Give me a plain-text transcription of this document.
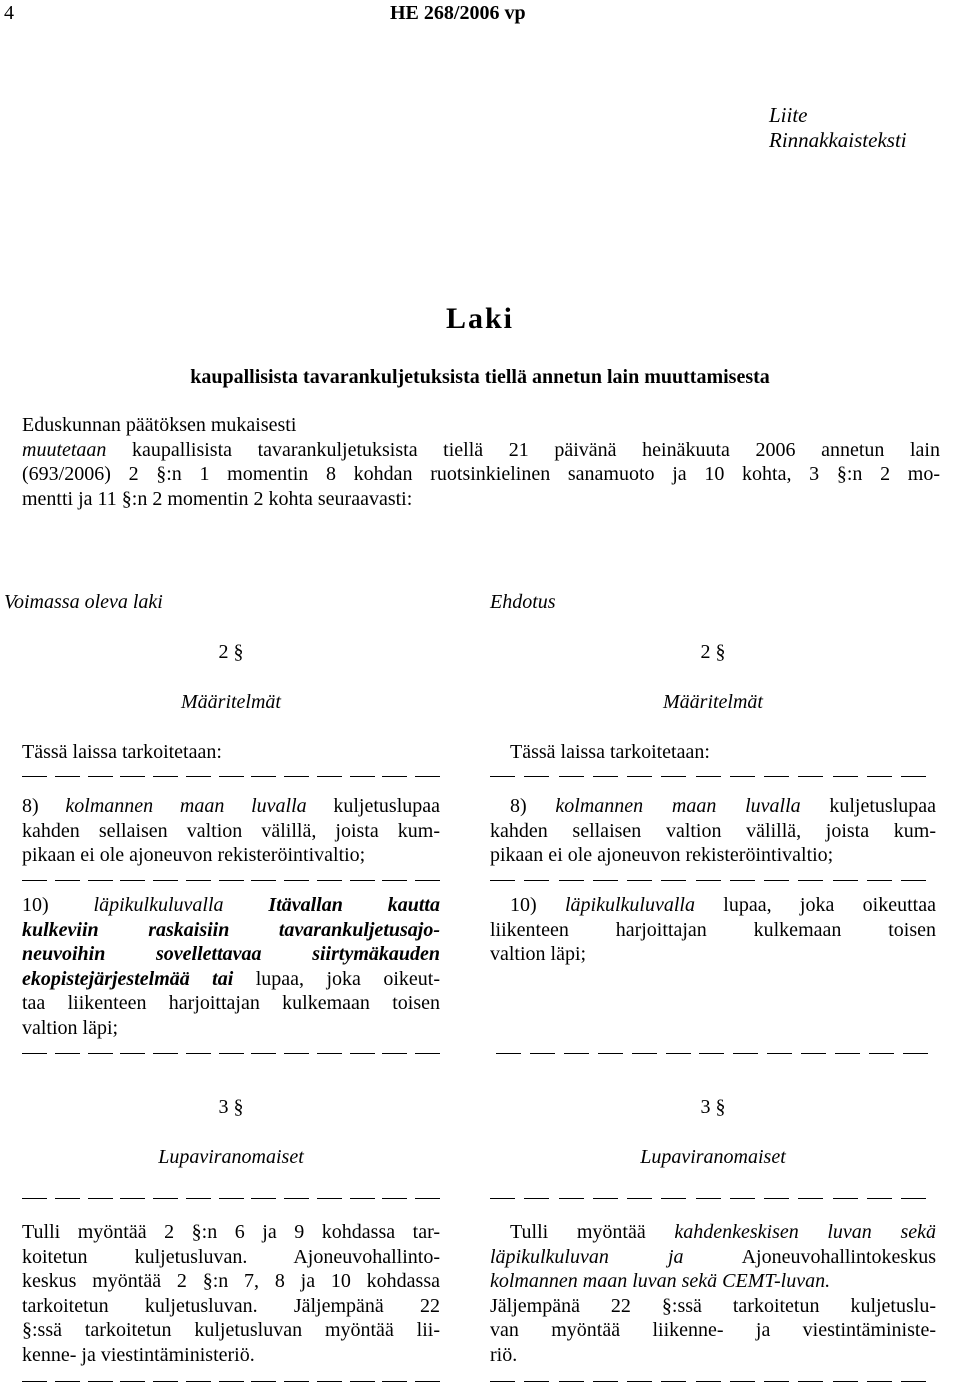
4	HE 268/2006 vp
Liite
Rinnakkaisteksti
Laki
kaupallisista tavarankuljetuksista tiellä annetun lain muuttamisesta
Eduskunnan päätöksen mukaisesti
muutetaan kaupallisista tavarankuljetuksista tiellä 21 päivänä heinäkuuta 2006 annetun lain
(693/2006) 2 §:n 1 momentin 8 kohdan ruotsinkielinen sanamuoto ja 10 kohta, 3 §:n 2 mo-
mentti ja 11 §:n 2 momentin 2 kohta seuraavasti:
Voimassa oleva laki
2 §
Määritelmät
Tässä laissa tarkoitetaan:
8) kolmannen maan luvalla kuljetuslupaa
kahden sellaisen valtion välillä, joista kum-
pikaan ei ole ajoneuvon rekisteröintivaltio;
10) läpikulkuluvalla Itävallan kautta
kulkeviin raskaisiin tavarankuljetusajo-
neuvoihin sovellettavaa siirtymäkauden
ekopistejärjestelmää tai lupaa, joka oikeut-
taa liikenteen harjoittajan kulkemaan toisen
valtion läpi;
3 §
Lupaviranomaiset
Tulli myöntää 2 §:n 6 ja 9 kohdassa tar-
koitetun kuljetusluvan. Ajoneuvohallinto-
keskus myöntää 2 §:n 7, 8 ja 10 kohdassa
tarkoitetun kuljetusluvan. Jäljempänä 22
§:ssä tarkoitetun kuljetusluvan myöntää lii-
kenne- ja viestintäministeriö.
Ehdotus
2 §
Määritelmät
Tässä laissa tarkoitetaan:
8) kolmannen maan luvalla kuljetuslupaa
kahden sellaisen valtion välillä, joista kum-
pikaan ei ole ajoneuvon rekisteröintivaltio;
10) läpikulkuluvalla lupaa, joka oikeuttaa
liikenteen harjoittajan kulkemaan toisen
valtion läpi;
3 §
Lupaviranomaiset
Tulli myöntää kahdenkeskisen luvan sekä
läpikulkuluvan ja Ajoneuvohallintokeskus
kolmannen maan luvan sekä CEMT-luvan.
Jäljempänä 22 §:ssä tarkoitetun kuljetuslu-
van myöntää liikenne- ja viestintäministe-
riö.
